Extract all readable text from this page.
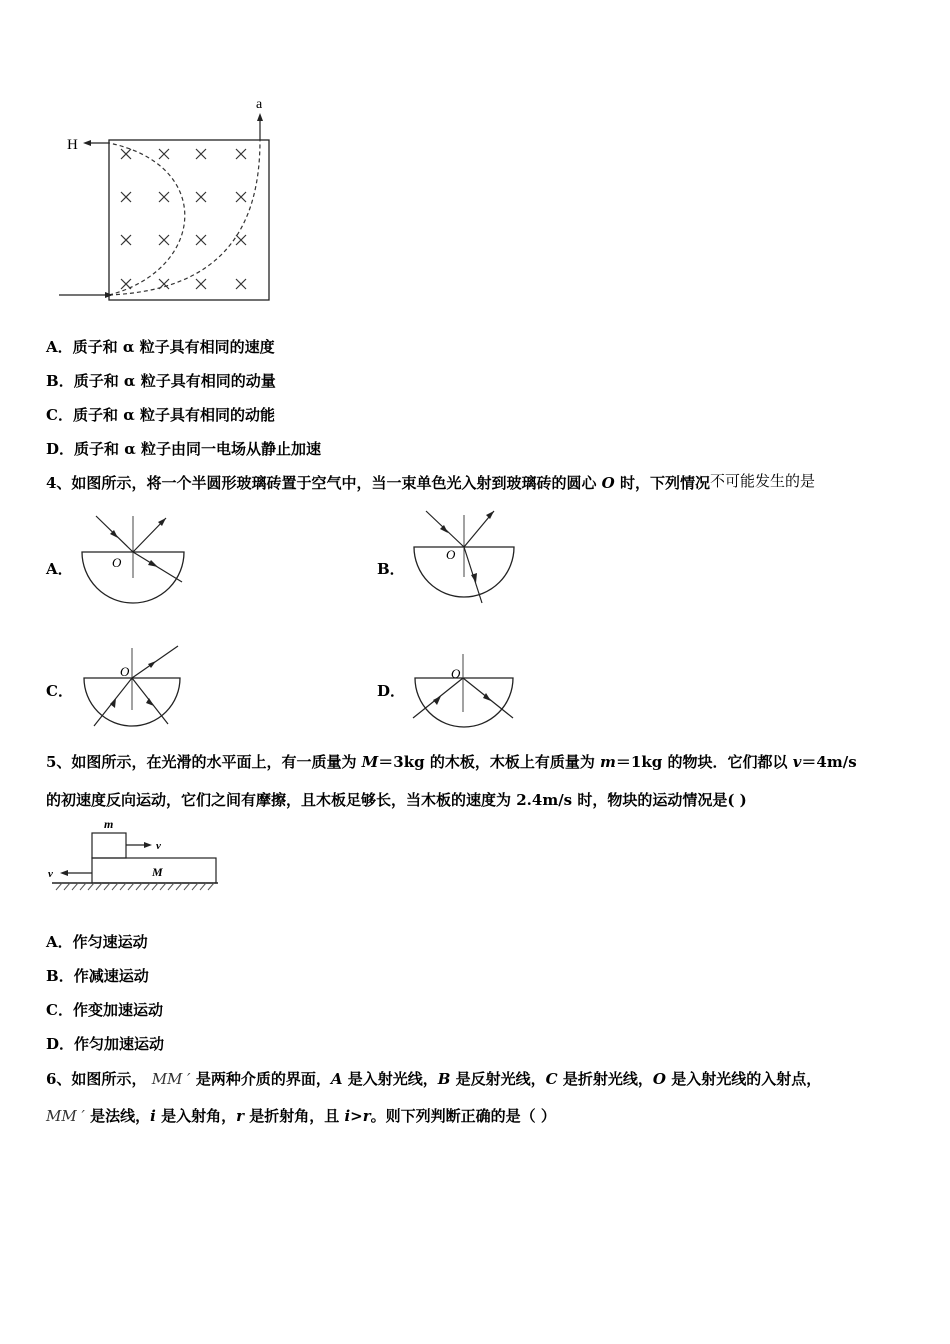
H
a
A．质子和 α 粒子具有相同的速度
B．质子和 α 粒子具有相同的动量
C．质子和 α 粒子具有相同的动能
D．质子和 α 粒子由同一电场从静止加速
4、如图所示，将一个半圆形玻璃砖置于空气中，当一束单色光入射到玻璃砖的圆心 O 时，下列情况不可能发生的是
A．	O	B．
O
C．
O
D．
O
5、如图所示，在光滑的水平面上，有一质量为 M＝3kg 的木板，木板上有质量为 m＝1kg 的物块．它们都以 v＝4m/s
的初速度反向运动，它们之间有摩擦，且木板足够长，当木板的速度为 2.4m/s 时，物块的运动情况是( )
m
v
M
v
A．作匀速运动
B．作减速运动
C．作变加速运动
D．作匀加速运动
6、如图所示， MM ′ 是两种介质的界面，A 是入射光线，B 是反射光线，C 是折射光线，O 是入射光线的入射点，
MM ′ 是法线，i 是入射角，r 是折射角，且 i>r。则下列判断正确的是（ ）
